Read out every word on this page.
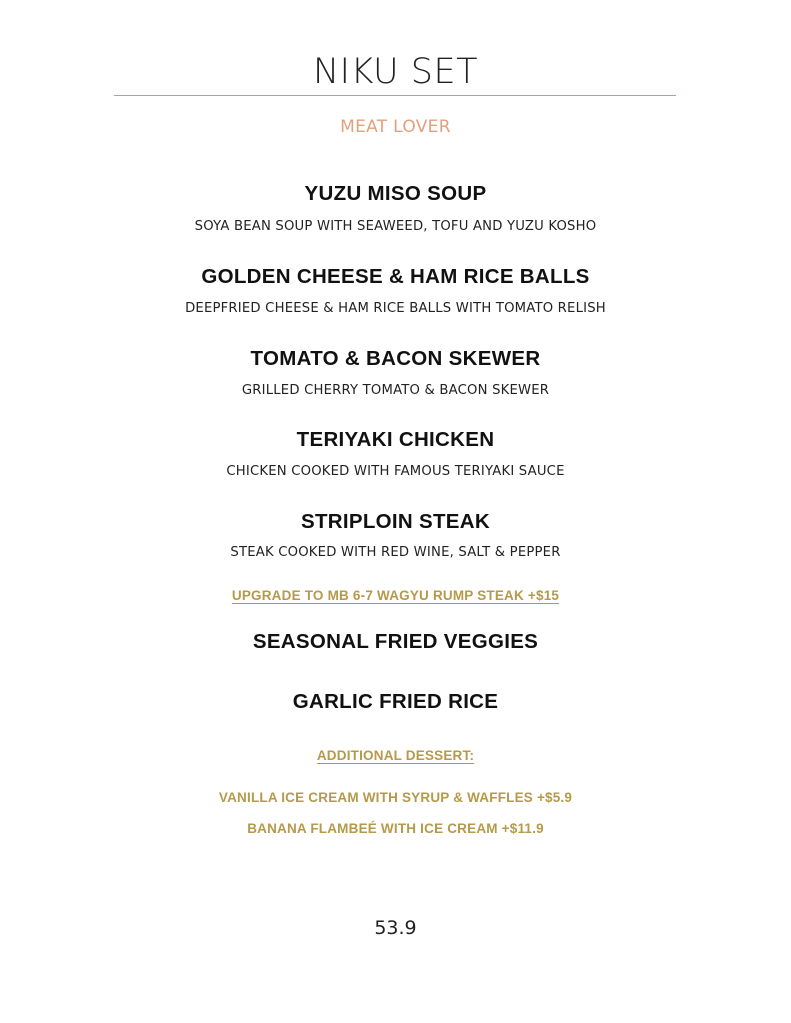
NIKU SET
MEAT LOVER
YUZU MISO SOUP
SOYA BEAN SOUP WITH SEAWEED, TOFU AND YUZU KOSHO
GOLDEN CHEESE & HAM RICE BALLS
DEEPFRIED CHEESE & HAM RICE BALLS WITH TOMATO RELISH
TOMATO & BACON SKEWER
GRILLED CHERRY TOMATO & BACON SKEWER
TERIYAKI CHICKEN
CHICKEN COOKED WITH FAMOUS TERIYAKI SAUCE
STRIPLOIN STEAK
STEAK COOKED WITH RED WINE, SALT & PEPPER
UPGRADE TO MB 6-7 WAGYU RUMP STEAK +$15
SEASONAL FRIED VEGGIES
GARLIC FRIED RICE
ADDITIONAL DESSERT:
VANILLA ICE CREAM WITH SYRUP & WAFFLES +$5.9
BANANA FLAMBEÉ WITH ICE CREAM +$11.9
53.9
